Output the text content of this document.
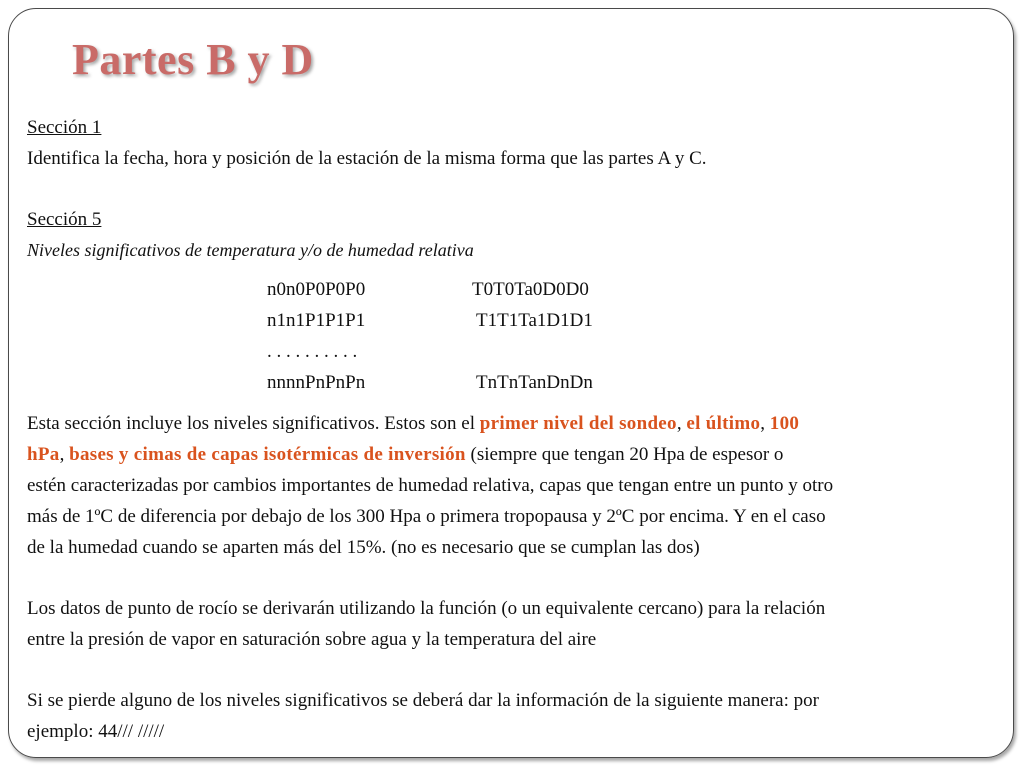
Partes B y D
Sección 1
Identifica la fecha, hora y posición de la estación de la misma forma que las partes A y C.
Sección 5
Niveles significativos de temperatura y/o de humedad relativa
n0n0P0P0P0	T0T0Ta0D0D0
n1n1P1P1P1	T1T1Ta1D1D1
. . . . . . . . . .
nnnnPnPnPn	TnTnTanDnDn
Esta sección incluye los niveles significativos. Estos son el primer nivel del sondeo, el último, 100
hPa, bases y cimas de capas isotérmicas de inversión (siempre que tengan 20 Hpa de espesor o
estén caracterizadas por cambios importantes de humedad relativa, capas que tengan entre un punto y otro
más de 1ºC de diferencia por debajo de los 300 Hpa o primera tropopausa y 2ºC por encima. Y en el caso
de la humedad cuando se aparten más del 15%. (no es necesario que se cumplan las dos)
Los datos de punto de rocío se derivarán utilizando la función (o un equivalente cercano) para la relación
entre la presión de vapor en saturación sobre agua y la temperatura del aire
Si se pierde alguno de los niveles significativos se deberá dar la información de la siguiente manera: por
ejemplo: 44/// /////
